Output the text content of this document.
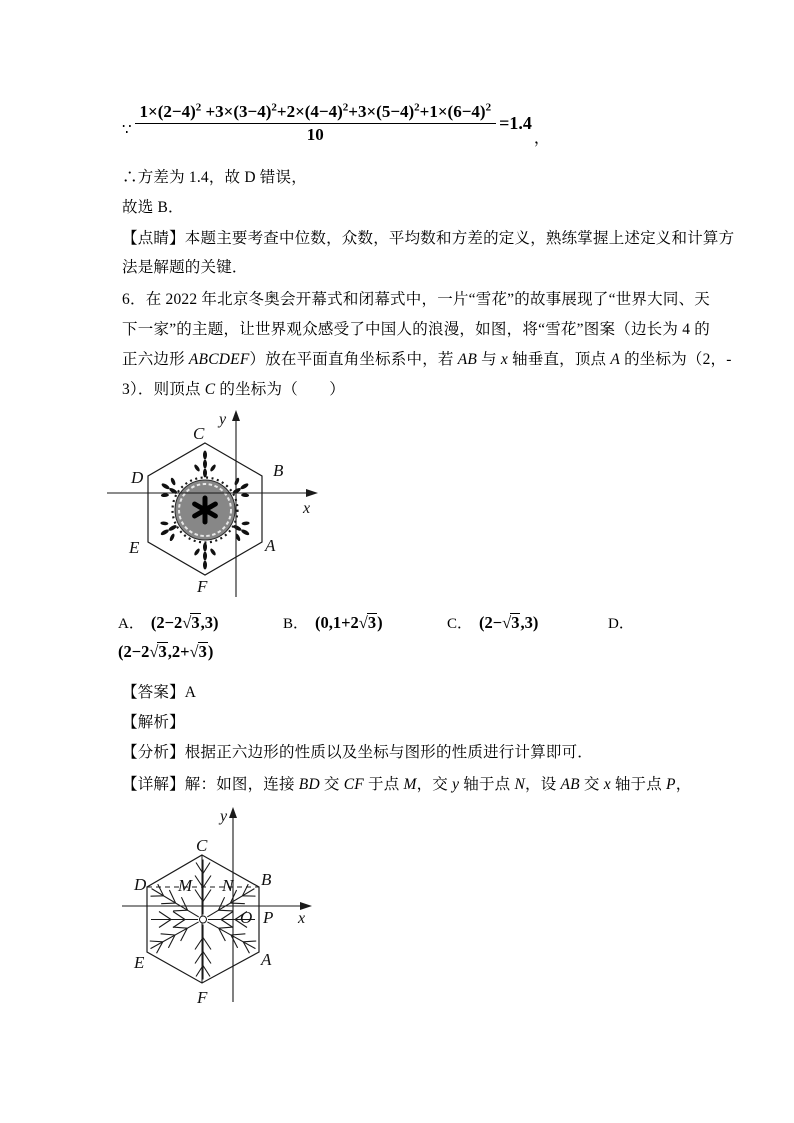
∵ $\frac{1\times(2-4)^2 +3\times(3-4)^2+2\times(4-4)^2+3\times(5-4)^2+1\times(6-4)^2}{10} =1.4$
，
∴方差为 1.4，故 D 错误，
故选 B．
【点睛】本题主要考查中位数，众数，平均数和方差的定义，熟练掌握上述定义和计算方
法是解题的关键．
6．在 2022 年北京冬奥会开幕式和闭幕式中，一片“雪花”的故事展现了“世界大同、天
下一家”的主题，让世界观众感受了中国人的浪漫，如图，将“雪花”图案（边长为 4 的
正六边形 ABCDEF）放在平面直角坐标系中，若 AB 与 x 轴垂直，顶点 A 的坐标为（2，-
3）．则顶点 C 的坐标为（　　）
y
x
C
B
D
A
E
F
A． (2−2√3,3)	B． (0,1+2√3)	C． (2−√3,3)	D．
(2−2√3,2+√3)
【答案】A
【解析】
【分析】根据正六边形的性质以及坐标与图形的性质进行计算即可．
【详解】解：如图，连接 BD 交 CF 于点 M，交 y 轴于点 N，设 AB 交 x 轴于点 P，
y
x
C
B
D M N
O P
E	A
F
